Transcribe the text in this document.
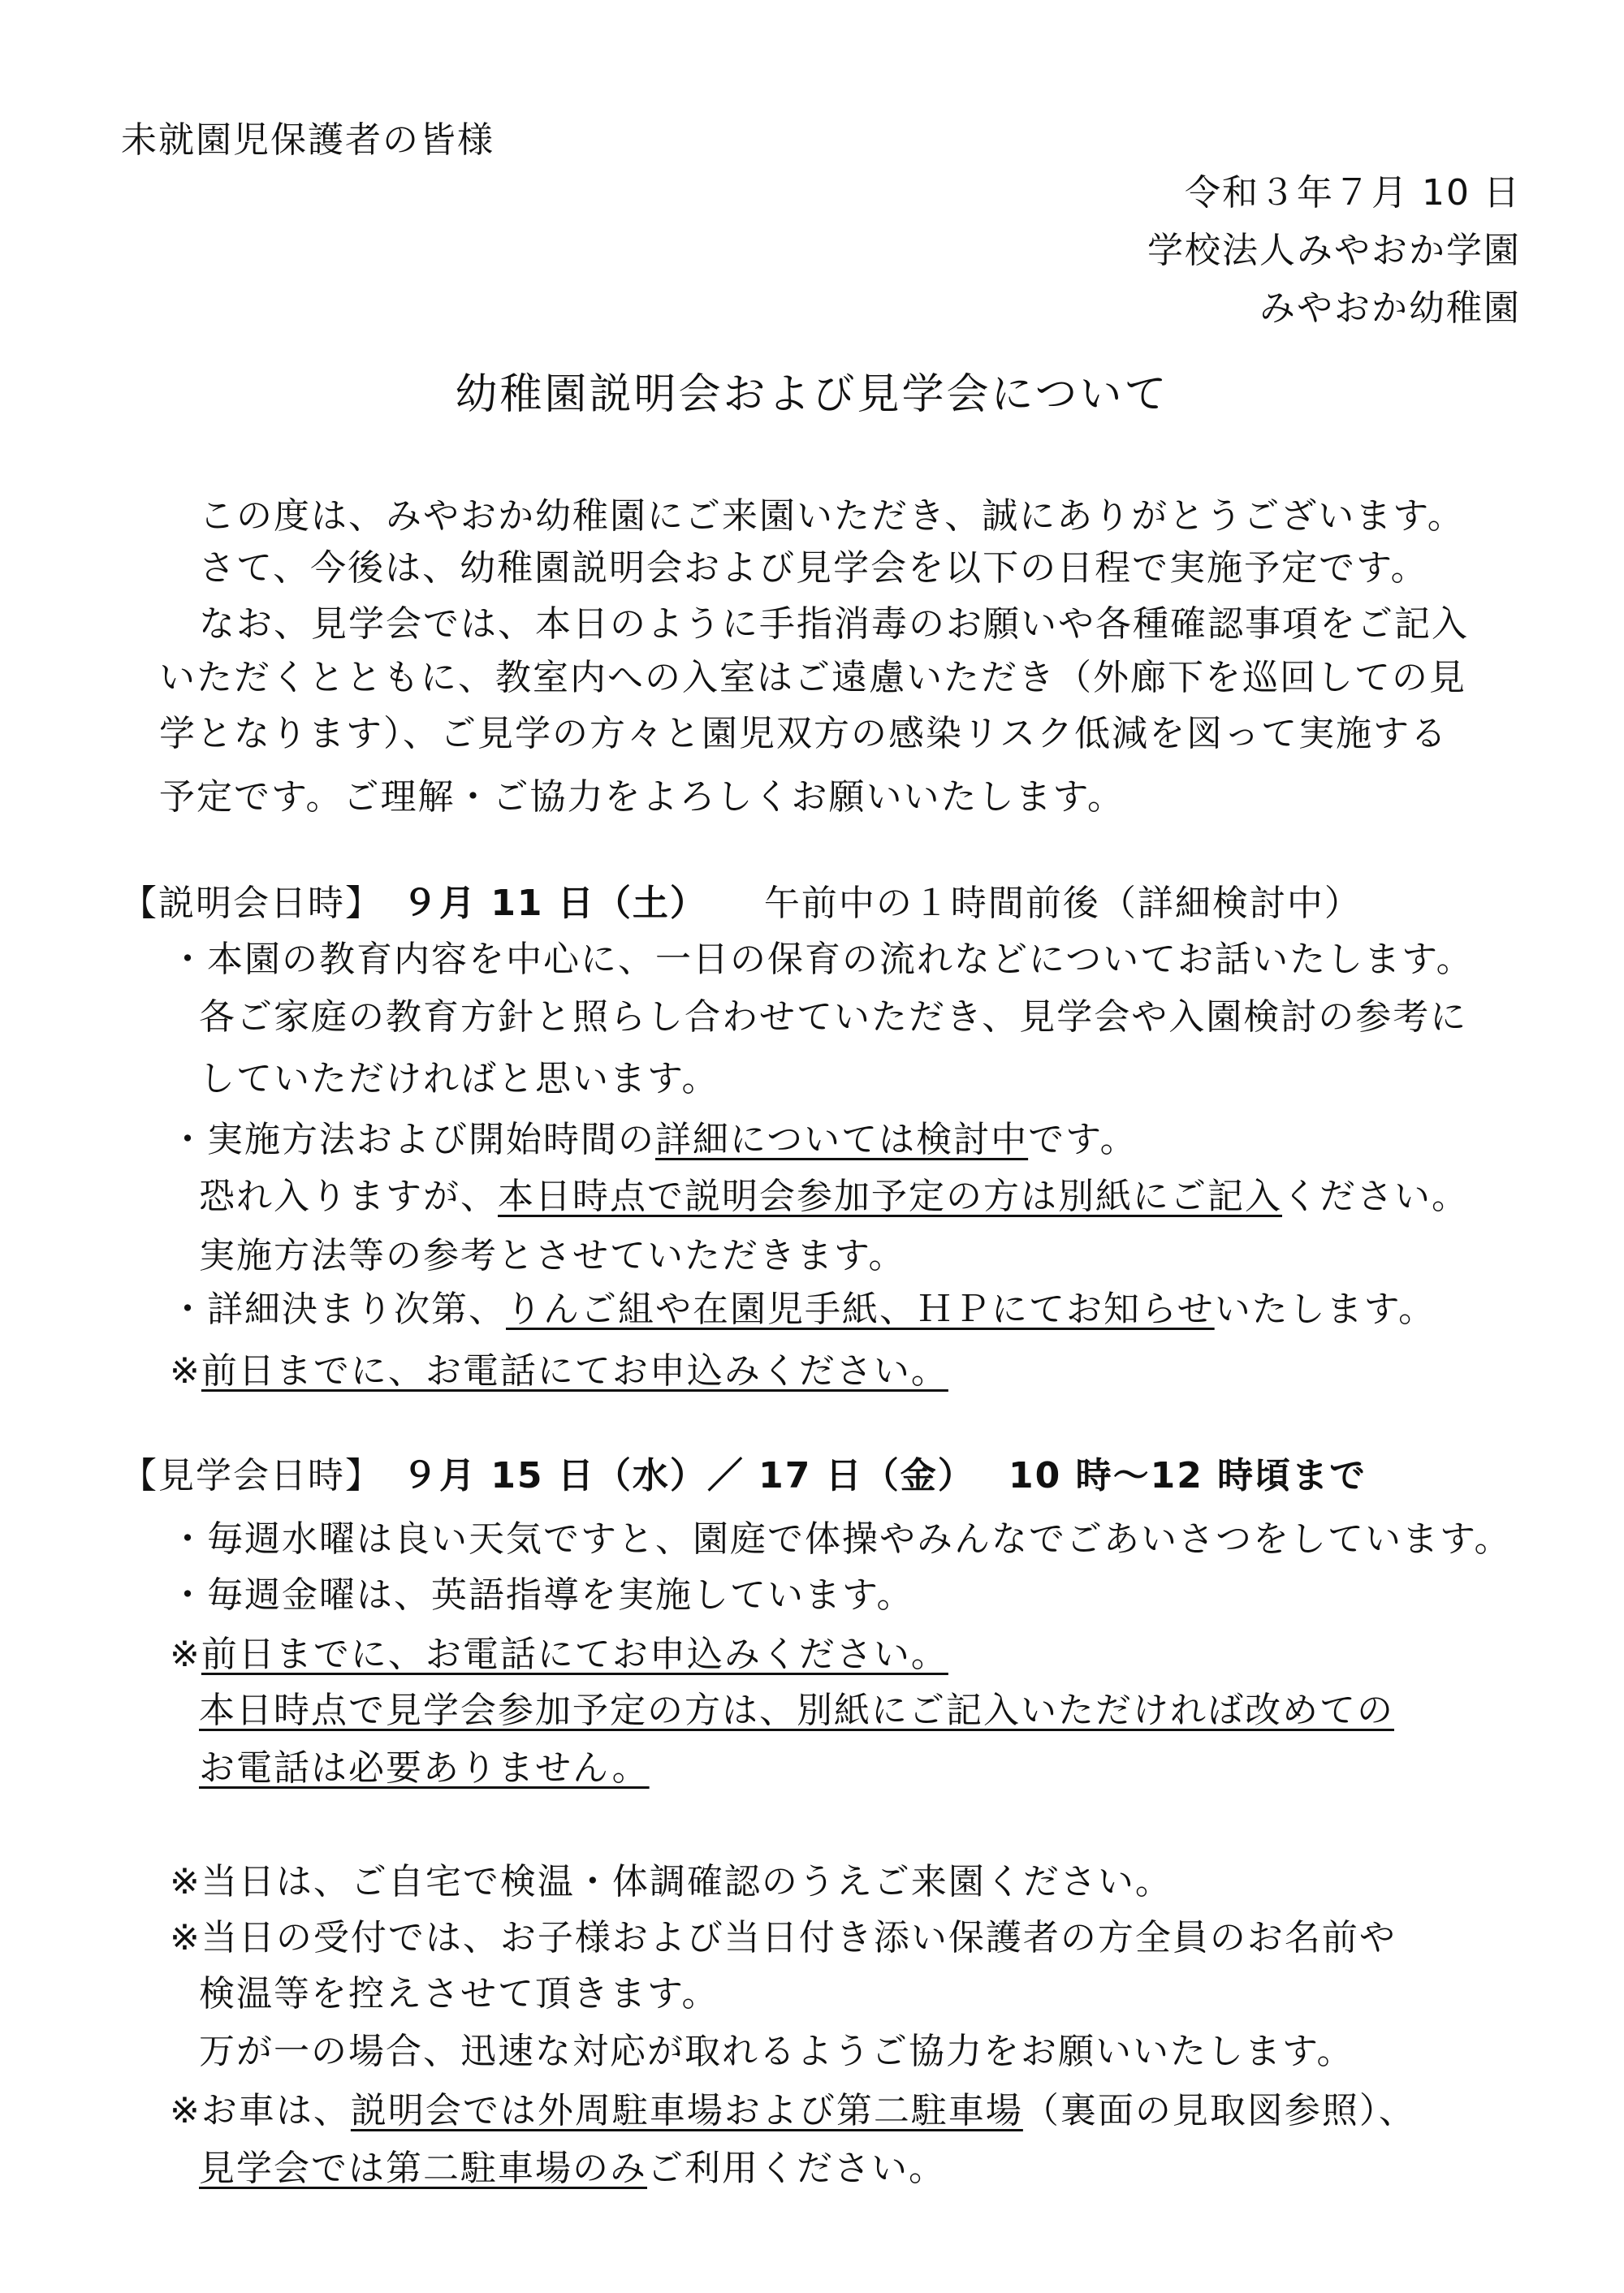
未就園児保護者の皆様
令和３年７月 10 日
学校法人みやおか学園
みやおか幼稚園
幼稚園説明会および見学会について
この度は、みやおか幼稚園にご来園いただき、誠にありがとうございます。
さて、今後は、幼稚園説明会および見学会を以下の日程で実施予定です。
なお、見学会では、本日のように手指消毒のお願いや各種確認事項をご記入
いただくとともに、教室内への入室はご遠慮いただき（外廊下を巡回しての見
学となります）、ご見学の方々と園児双方の感染リスク低減を図って実施する
予定です。ご理解・ご協力をよろしくお願いいたします。
【説明会日時】　９月 11 日（土）　　午前中の１時間前後（詳細検討中）
・本園の教育内容を中心に、一日の保育の流れなどについてお話いたします。
各ご家庭の教育方針と照らし合わせていただき、見学会や入園検討の参考に
していただければと思います。
・実施方法および開始時間の詳細については検討中です。
恐れ入りますが、本日時点で説明会参加予定の方は別紙にご記入ください。
実施方法等の参考とさせていただきます。
・詳細決まり次第、りんご組や在園児手紙、ＨＰにてお知らせいたします。
※前日までに、お電話にてお申込みください。
【見学会日時】　９月 15 日（水）／ 17 日（金）　 10 時～12 時頃まで
・毎週水曜は良い天気ですと、園庭で体操やみんなでごあいさつをしています。
・毎週金曜は、英語指導を実施しています。
※前日までに、お電話にてお申込みください。
本日時点で見学会参加予定の方は、別紙にご記入いただければ改めての
お電話は必要ありません。
※当日は、ご自宅で検温・体調確認のうえご来園ください。
※当日の受付では、お子様および当日付き添い保護者の方全員のお名前や
検温等を控えさせて頂きます。
万が一の場合、迅速な対応が取れるようご協力をお願いいたします。
※お車は、説明会では外周駐車場および第二駐車場（裏面の見取図参照）、
見学会では第二駐車場のみご利用ください。
